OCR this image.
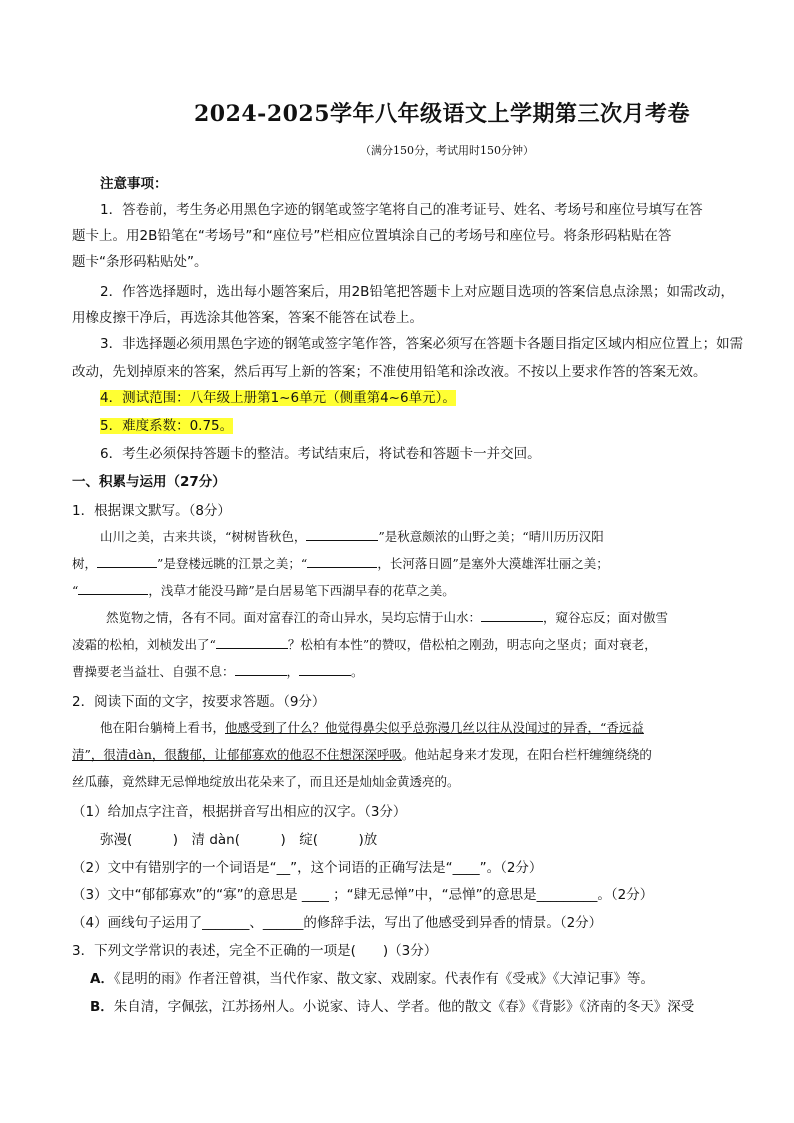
2024-2025学年八年级语文上学期第三次月考卷
（满分150分，考试用时150分钟）
注意事项：
1．答卷前，考生务必用黑色字迹的钢笔或签字笔将自己的准考证号、姓名、考场号和座位号填写在答
题卡上。用2B铅笔在“考场号”和“座位号”栏相应位置填涂自己的考场号和座位号。将条形码粘贴在答
题卡“条形码粘贴处”。
2．作答选择题时，选出每小题答案后，用2B铅笔把答题卡上对应题目选项的答案信息点涂黑；如需改动，
用橡皮擦干净后，再选涂其他答案，答案不能答在试卷上。
3．非选择题必须用黑色字迹的钢笔或签字笔作答，答案必须写在答题卡各题目指定区域内相应位置上；如需
改动，先划掉原来的答案，然后再写上新的答案；不准使用铅笔和涂改液。不按以上要求作答的答案无效。
4．测试范围：八年级上册第1~6单元（侧重第4~6单元）。
5．难度系数：0.75。
6．考生必须保持答题卡的整洁。考试结束后，将试卷和答题卡一并交回。
一、积累与运用（27分）
1．根据课文默写。（8分）
山川之美，古来共谈，“树树皆秋色，	”是秋意颇浓的山野之美；“晴川历历汉阳
树，	”是登楼远眺的江景之美；“	，长河落日圆”是塞外大漠雄浑壮丽之美；
“	，浅草才能没马蹄”是白居易笔下西湖早春的花草之美。
然览物之情，各有不同。面对富春江的奇山异水，吴均忘情于山水：	，窥谷忘反；面对傲雪
凌霜的松柏，刘桢发出了“	？松柏有本性”的赞叹，借松柏之刚劲，明志向之坚贞；面对衰老，
曹操要老当益壮、自强不息：	，	。
2．阅读下面的文字，按要求答题。（9分）
他在阳台躺椅上看书，他感受到了什么？他觉得鼻尖似乎总弥漫几丝以往从没闻过的异香，“香远益
清”，很清dàn，很馥郁，让郁郁寡欢的他忍不住想深深呼吸。他站起身来才发现，在阳台栏杆缠缠绕绕的
丝瓜藤，竟然肆无忌惮地绽放出花朵来了，而且还是灿灿金黄透亮的。
（1）给加点字注音，根据拼音写出相应的汉字。（3分）
弥漫(　　　)　清 dàn(　　　)　绽(　　　)放
（2）文中有错别字的一个词语是“__”，这个词语的正确写法是“____”。（2分）
（3）文中“郁郁寡欢”的“寡”的意思是 ____ ；“肆无忌惮”中，“忌惮”的意思是_________。（2分）
（4）画线句子运用了_______、______的修辞手法，写出了他感受到异香的情景。（2分）
3．下列文学常识的表述，完全不正确的一项是(　　)（3分）
A．《昆明的雨》作者汪曾祺，当代作家、散文家、戏剧家。代表作有《受戒》《大淖记事》等。
B．朱自清，字佩弦，江苏扬州人。小说家、诗人、学者。他的散文《春》《背影》《济南的冬天》深受
